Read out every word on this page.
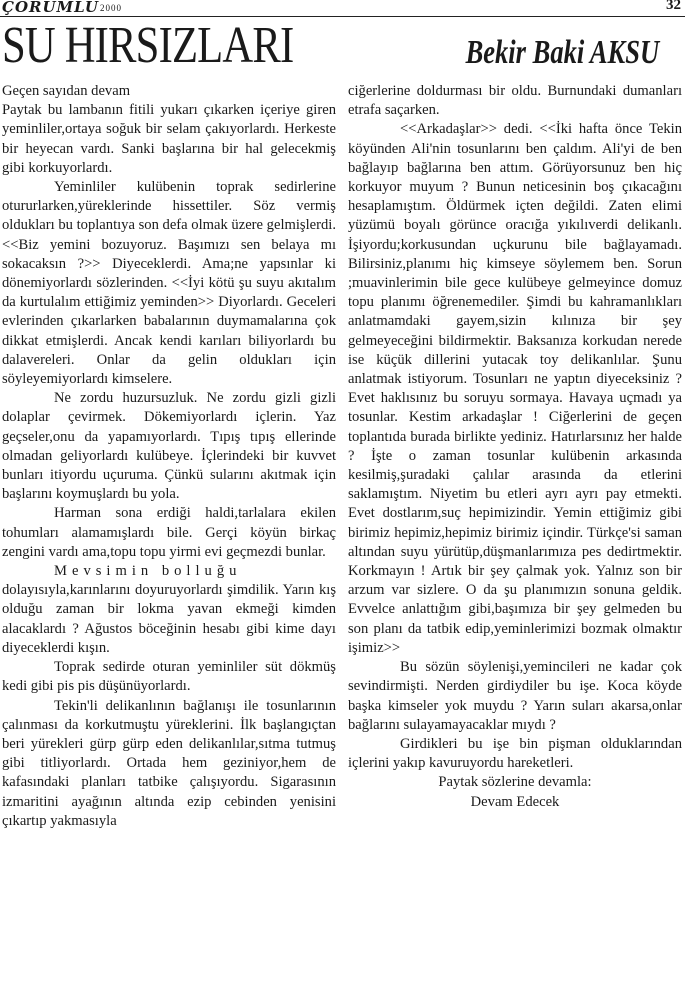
ÇORUMLU 2000	32
SU HIRSIZLARI	Bekir Baki AKSU

Geçen sayıdan devam

Paytak bu lambanın fitili yukarı çıkarken içeriye giren yeminliler,ortaya soğuk bir selam çakıyorlardı. Herkeste bir heyecan vardı. Sanki başlarına bir hal gelecekmiş gibi korkuyorlardı.

Yeminliler kulübenin toprak sedirlerine otururlarken,yüreklerinde hissettiler. Söz vermiş oldukları bu toplantıya son defa olmak üzere gelmişlerdi. <<Biz yemini bozuyoruz. Başımızı sen belaya mı sokacaksın ?>> Diyeceklerdi. Ama;ne yapsınlar ki dönemiyorlardı sözlerinden. <<İyi kötü şu suyu akıtalım da kurtulalım ettiğimiz yeminden>> Diyorlardı. Geceleri evlerinden çıkarlarken babalarının duymamalarına çok dikkat etmişlerdi. Ancak kendi karıları biliyorlardı bu dalavereleri. Onlar da gelin oldukları için söyleyemiyorlardı kimselere.

Ne zordu huzursuzluk. Ne zordu gizli gizli dolaplar çevirmek. Dökemiyorlardı içlerin. Yaz geçseler,onu da yapamıyorlardı. Tıpış tıpış ellerinde olmadan geliyorlardı kulübeye. İçlerindeki bir kuvvet bunları itiyordu uçuruma. Çünkü sularını akıtmak için başlarını koymuşlardı bu yola.

Harman sona erdiği haldi,tarlalara ekilen tohumları alamamışlardı bile. Gerçi köyün birkaç zengini vardı ama,topu topu yirmi evi geçmezdi bunlar.

Mevsimin bolluğu

dolayısıyla,karınlarını doyuruyorlardı şimdilik. Yarın kış olduğu zaman bir lokma yavan ekmeği kimden alacaklardı ? Ağustos böceğinin hesabı gibi kime dayı diyeceklerdi kışın.

Toprak sedirde oturan yeminliler süt dökmüş kedi gibi pis pis düşünüyorlardı.

Tekin'li delikanlının bağlanışı ile tosunlarının çalınması da korkutmuştu yüreklerini. İlk başlangıçtan beri yürekleri gürp gürp eden delikanlılar,sıtma tutmuş gibi titliyorlardı. Ortada hem geziniyor,hem de kafasındaki planları tatbike çalışıyordu. Sigarasının izmaritini ayağının altında ezip cebinden yenisini çıkartıp yakmasıyla

ciğerlerine doldurması bir oldu. Burnundaki dumanları etrafa saçarken.

<<Arkadaşlar>> dedi. <<İki hafta önce Tekin köyünden Ali'nin tosunlarını ben çaldım. Ali'yi de ben bağlayıp bağlarına ben attım. Görüyorsunuz ben hiç korkuyor muyum ? Bunun neticesinin boş çıkacağını hesaplamıştım. Öldürmek içten değildi. Zaten elimi yüzümü boyalı görünce oracığa yıkılıverdi delikanlı. İşiyordu;korkusundan uçkurunu bile bağlayamadı. Bilirsiniz,planımı hiç kimseye söylemem ben. Sorun ;muavinlerimin bile gece kulübeye gelmeyince domuz topu planımı öğrenemediler. Şimdi bu kahramanlıkları anlatmamdaki gayem,sizin kılınıza bir şey gelmeyeceğini bildirmektir. Baksanıza korkudan nerede ise küçük dillerini yutacak toy delikanlılar. Şunu anlatmak istiyorum. Tosunları ne yaptın diyeceksiniz ? Evet haklısınız bu soruyu sormaya. Havaya uçmadı ya tosunlar. Kestim arkadaşlar ! Ciğerlerini de geçen toplantıda burada birlikte yediniz. Hatırlarsınız her halde ? İşte o zaman tosunlar kulübenin arkasında kesilmiş,şuradaki çalılar arasında da etlerini saklamıştım. Niyetim bu etleri ayrı ayrı pay etmekti. Evet dostlarım,suç hepimizindir. Yemin ettiğimiz gibi birimiz hepimiz,hepimiz birimiz içindir. Türkçe'si saman altından suyu yürütüp,düşmanlarımıza pes dedirtmektir. Korkmayın ! Artık bir şey çalmak yok. Yalnız son bir arzum var sizlere. O da şu planımızın sonuna geldik. Evvelce anlattığım gibi,başımıza bir şey gelmeden bu son planı da tatbik edip,yeminlerimizi bozmak olmaktır işimiz>>

Bu sözün söylenişi,yemincileri ne kadar çok sevindirmişti. Nerden girdiydiler bu işe. Koca köyde başka kimseler yok muydu ? Yarın suları akarsa,onlar bağlarını sulayamayacaklar mıydı ?

Girdikleri bu işe bin pişman olduklarından içlerini yakıp kavuruyordu hareketleri.

Paytak sözlerine devamla:

Devam Edecek
